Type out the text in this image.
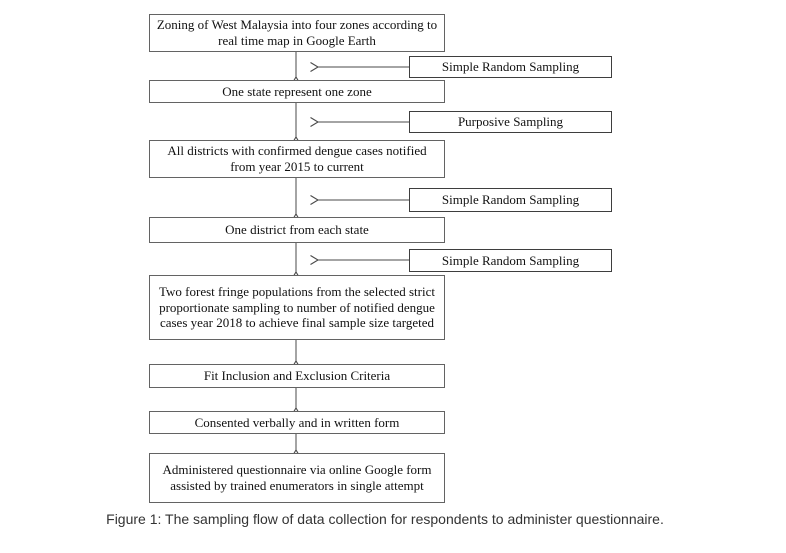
Zoning of West Malaysia into four zones according to real time map in Google Earth
One state represent one zone
All districts with confirmed dengue cases notified from year 2015 to current
One district from each state
Two forest fringe populations from the selected strict proportionate sampling to number of notified dengue cases year 2018 to achieve final sample size targeted
Fit Inclusion and Exclusion Criteria
Consented verbally and in written form
Administered questionnaire via online Google form assisted by trained enumerators in single attempt
Simple Random Sampling
Purposive Sampling
Simple Random Sampling
Simple Random Sampling
Figure 1: The sampling flow of data collection for respondents to administer questionnaire.
